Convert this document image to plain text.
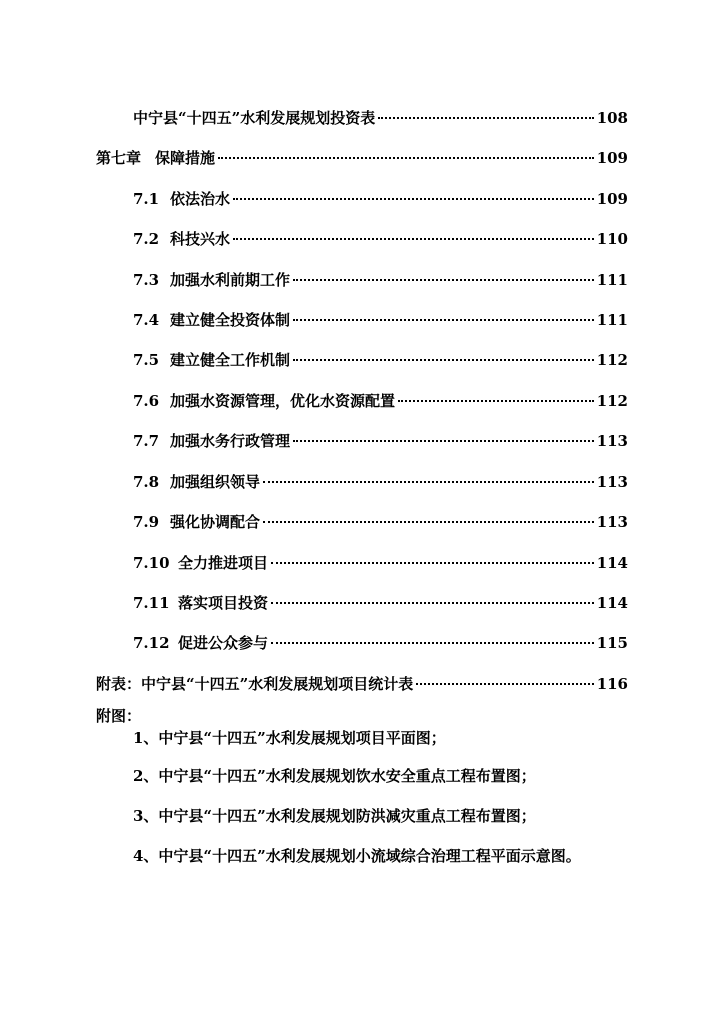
中宁县“十四五”水利发展规划投资表	108
第七章 保障措施	109
7.1 依法治水	109
7.2 科技兴水	110
7.3 加强水利前期工作	111
7.4 建立健全投资体制	111
7.5 建立健全工作机制	112
7.6 加强水资源管理，优化水资源配置	112
7.7 加强水务行政管理	113
7.8 加强组织领导	113
7.9 强化协调配合	113
7.10 全力推进项目	114
7.11 落实项目投资	114
7.12 促进公众参与	115
附表：中宁县“十四五”水利发展规划项目统计表	116
附图：
1、中宁县“十四五”水利发展规划项目平面图；
2、中宁县“十四五”水利发展规划饮水安全重点工程布置图；
3、中宁县“十四五”水利发展规划防洪减灾重点工程布置图；
4、中宁县“十四五”水利发展规划小流域综合治理工程平面示意图。
